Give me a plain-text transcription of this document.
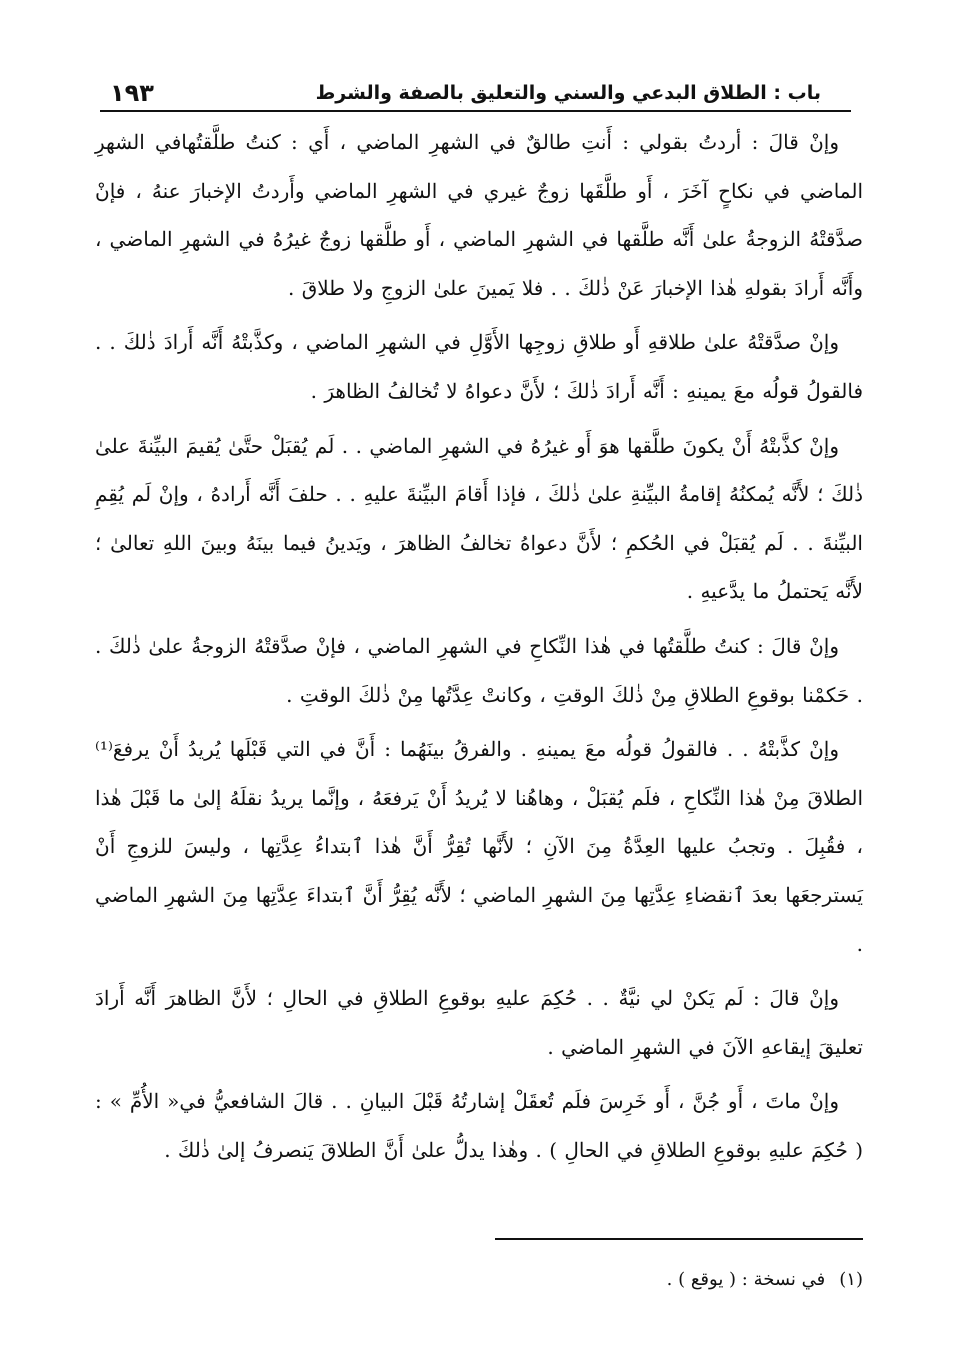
باب : الطلاق البدعي والسني والتعليق بالصفة والشرط
١٩٣

وإنْ قالَ : أردتُ بقولي : أَنتِ طالقٌ في الشهرِ الماضي ، أَي : كنتُ طلَّقتُهافي الشهرِ الماضي في نكاحٍ آخَرَ ، أَو طلَّقَها زوجٌ غيري في الشهرِ الماضي وأَردتُ الإخبارَ عنهُ ، فإنْ صدَّقتْهُ الزوجةُ علىٰ أَنَّه طلَّقها في الشهرِ الماضي ، أَو طلَّقها زوجٌ غيرُهُ في الشهرِ الماضي ، وأَنَّه أَرادَ بقولهِ هٰذا الإخبارَ عَنْ ذٰلكَ . . فلا يَمينَ علىٰ الزوجِ ولا طلاقَ .

وإنْ صدَّقتْهُ علىٰ طلاقهِ أَو طلاقِ زوجِها الأَوَّلِ في الشهرِ الماضي ، وكذَّبتْهُ أَنَّه أَرادَ ذٰلكَ . . فالقولُ قولُه معَ يمينهِ : أَنَّه أَرادَ ذٰلكَ ؛ لأَنَّ دعواهُ لا تُخالفُ الظاهرَ .

وإنْ كذَّبتْهُ أَنْ يكونَ طلَّقها هوَ أَو غيرُهُ في الشهرِ الماضي . . لَم يُقبَلْ حتَّىٰ يُقيمَ البيِّنةَ علىٰ ذٰلكَ ؛ لأَنَّه يُمكنُهُ إقامةُ البيِّنةِ علىٰ ذٰلكَ ، فإذا أَقامَ البيِّنةَ عليهِ . . حلفَ أَنَّه أَرادهُ ، وإنْ لَم يُقِمِ البيِّنةَ . . لَم يُقبَلْ في الحُكمِ ؛ لأَنَّ دعواهُ تخالفُ الظاهرَ ، ويَدينُ فيما بينَهُ وبينَ اللهِ تعالىٰ ؛ لأَنَّه يَحتملُ ما يدَّعيهِ .

وإنْ قالَ : كنتُ طلَّقتُها في هٰذا النِّكاحِ في الشهرِ الماضي ، فإنْ صدَّقتْهُ الزوجةُ علىٰ ذٰلكَ . . حَكمْنا بوقوعِ الطلاقِ مِنْ ذٰلكَ الوقتِ ، وكانتْ عِدَّتُها مِنْ ذٰلكَ الوقتِ .

وإنْ كذَّبتْهُ . . فالقولُ قولُه معَ يمينهِ . والفرقُ بينَهُما : أَنَّ في التي قَبْلَها يُريدُ أَنْ يرفعَ⁽¹⁾ الطلاقَ مِنْ هٰذا النِّكاحِ ، فلَم يُقبَلْ ، وهاهُنا لا يُريدُ أَنْ يَرفعَهُ ، وإنَّما يريدُ نقلَهُ إلىٰ ما قَبْلَ هٰذا ، فقُبِلَ . وتجبُ عليها العِدَّةُ مِنَ الآنِ ؛ لأَنَّها تُقِرُّ أَنَّ هٰذا ٱبتداءُ عِدَّتِها ، وليسَ للزوجِ أَنْ يَسترجعَها بعدَ ٱنقضاءِ عِدَّتِها مِنَ الشهرِ الماضي ؛ لأَنَّه يُقِرُّ أَنَّ ٱبتداءَ عِدَّتِها مِنَ الشهرِ الماضي .

وإنْ قالَ : لَم يَكنْ لي نيَّةٌ . . حُكِمَ عليهِ بوقوعِ الطلاقِ في الحالِ ؛ لأَنَّ الظاهرَ أَنَّه أَرادَ تعليقَ إيقاعهِ الآنَ في الشهرِ الماضي .

وإنْ ماتَ ، أَو جُنَّ ، أَو خَرِسَ فلَم تُعقَلْ إشارتُهُ قَبْلَ البيانِ . . قالَ الشافعيُّ في« الأُمِّ » : ( حُكِمَ عليهِ بوقوعِ الطلاقِ في الحالِ ) . وهٰذا يدلُّ علىٰ أَنَّ الطلاقَ يَنصرفُ إلىٰ ذٰلكَ .

(١)
في نسخة : ( يوقع ) .
